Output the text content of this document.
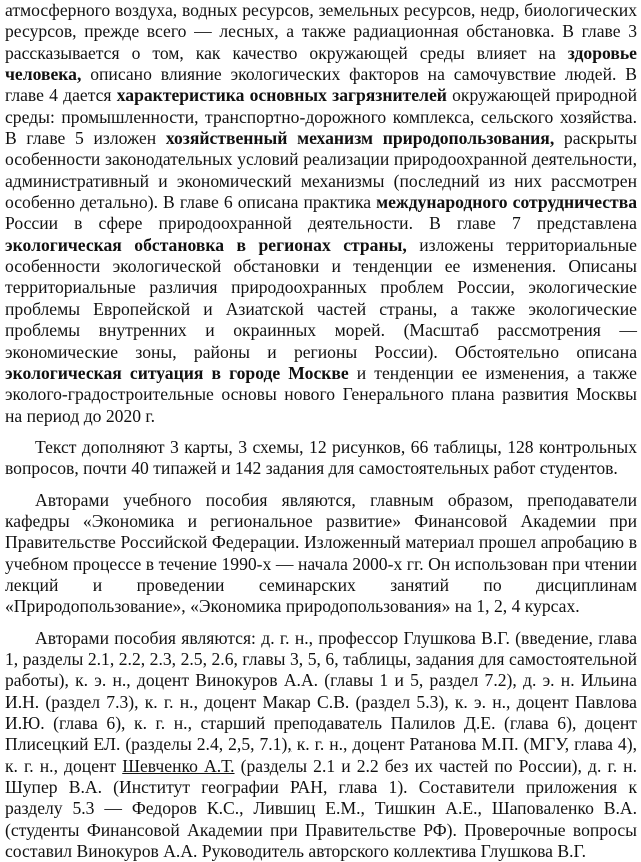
атмосферного воздуха, водных ресурсов, земельных ресурсов, недр, биологических ресурсов, прежде всего — лесных, а также радиационная обстановка. В главе 3 рассказывается о том, как качество окружающей среды влияет на здоровье человека, описано влияние экологических факторов на самочувствие людей. В главе 4 дается характеристика основных загрязнителей окружающей природной среды: промышленности, транспортно-дорожного комплекса, сельского хозяйства. В главе 5 изложен хозяйственный механизм природопользования, раскрыты особенности законодательных условий реализации природоохранной деятельности, административный и экономический механизмы (последний из них рассмотрен особенно детально). В главе 6 описана практика международного сотрудничества России в сфере природоохранной деятельности. В главе 7 представлена экологическая обстановка в регионах страны, изложены территориальные особенности экологической обстановки и тенденции ее изменения. Описаны территориальные различия природоохранных проблем России, экологические проблемы Европейской и Азиатской частей страны, а также экологические проблемы внутренних и окраинных морей. (Масштаб рассмотрения — экономические зоны, районы и регионы России). Обстоятельно описана экологическая ситуация в городе Москве и тенденции ее изменения, а также эколого-градостроительные основы нового Генерального плана развития Москвы на период до 2020 г.

Текст дополняют 3 карты, 3 схемы, 12 рисунков, 66 таблицы, 128 контрольных вопросов, почти 40 типажей и 142 задания для самостоятельных работ студентов.

Авторами учебного пособия являются, главным образом, преподаватели кафедры «Экономика и региональное развитие» Финансовой Академии при Правительстве Российской Федерации. Изложенный материал прошел апробацию в учебном процессе в течение 1990-х — начала 2000-х гг. Он использован при чтении лекций и проведении семинарских занятий по дисциплинам «Природопользование», «Экономика природопользования» на 1, 2, 4 курсах.

Авторами пособия являются: д. г. н., профессор Глушкова В.Г. (введение, глава 1, разделы 2.1, 2.2, 2.3, 2.5, 2.6, главы 3, 5, 6, таблицы, задания для самостоятельной работы), к. э. н., доцент Винокуров А.А. (главы 1 и 5, раздел 7.2), д. э. н. Ильина И.Н. (раздел 7.3), к. г. н., доцент Макар С.В. (раздел 5.3), к. э. н., доцент Павлова И.Ю. (глава 6), к. г. н., старший преподаватель Палилов Д.Е. (глава 6), доцент Плисецкий ЕЛ. (разделы 2.4, 2,5, 7.1), к. г. н., доцент Ратанова М.П. (МГУ, глава 4), к. г. н., доцент Шевченко А.Т. (разделы 2.1 и 2.2 без их частей по России), д. г. н. Шупер В.А. (Институт географии РАН, глава 1). Составители приложения к разделу 5.3 — Федоров К.С., Лившиц Е.М., Тишкин А.Е., Шаповаленко В.А. (студенты Финансовой Академии при Правительстве РФ). Проверочные вопросы составил Винокуров А.А. Руководитель авторского коллектива Глушкова В.Г.
